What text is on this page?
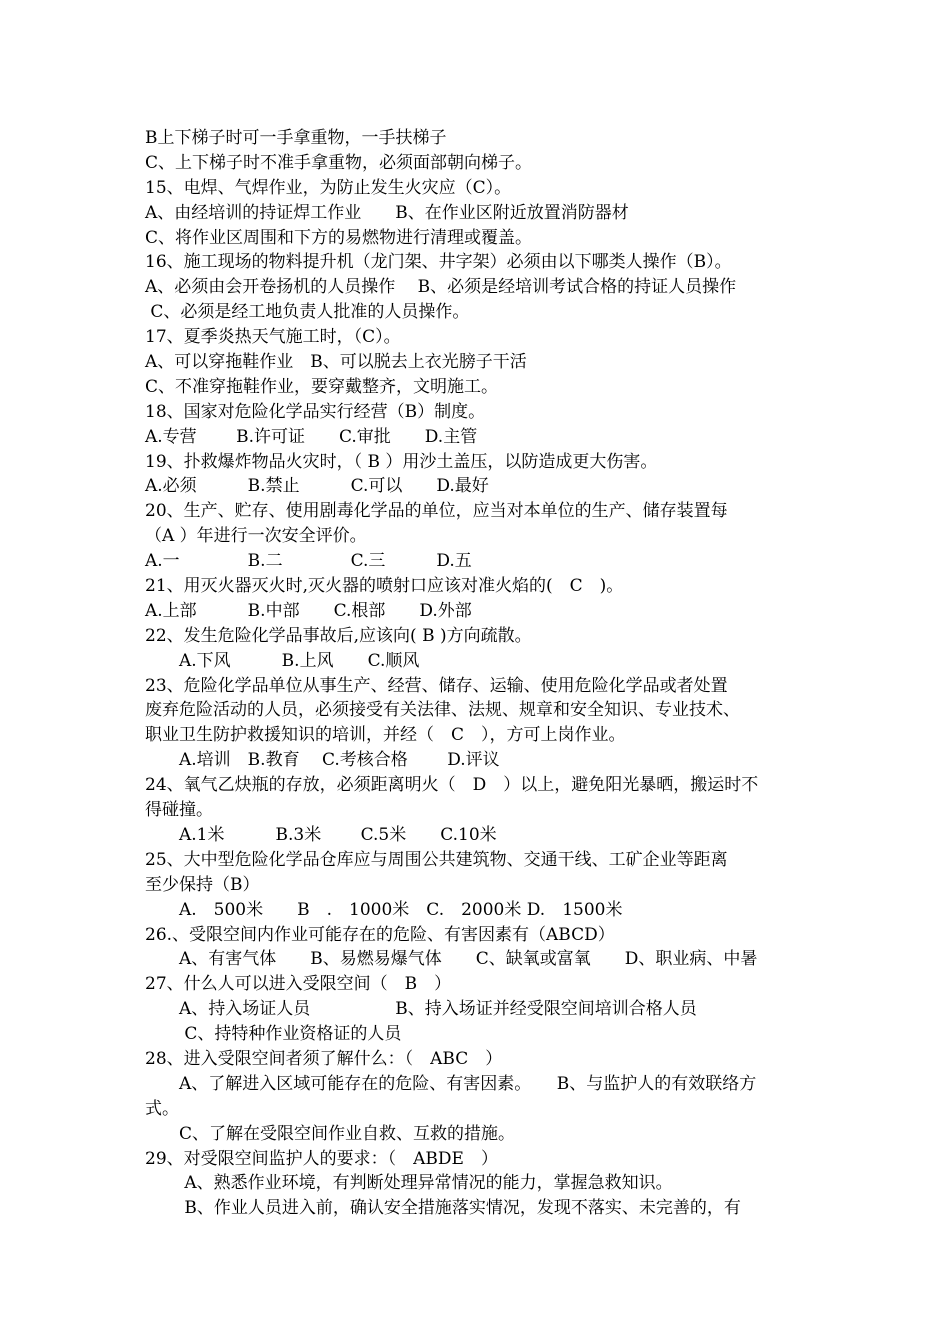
B上下梯子时可一手拿重物，一手扶梯子
C、上下梯子时不准手拿重物，必须面部朝向梯子。
15、电焊、气焊作业，为防止发生火灾应（C）。
A、由经培训的持证焊工作业　　B、在作业区附近放置消防器材
C、将作业区周围和下方的易燃物进行清理或覆盖。
16、施工现场的物料提升机（龙门架、井字架）必须由以下哪类人操作（B）。
A、必须由会开卷扬机的人员操作　 B、必须是经培训考试合格的持证人员操作
C、必须是经工地负责人批准的人员操作。
17、夏季炎热天气施工时，（C）。
A、可以穿拖鞋作业　B、可以脱去上衣光膀子干活
C、不准穿拖鞋作业，要穿戴整齐，文明施工。
18、国家对危险化学品实行经营（B）制度。
A.专营　　 B.许可证　　C.审批　　D.主管
19、扑救爆炸物品火灾时，（ B ）用沙土盖压，以防造成更大伤害。
A.必须　　　B.禁止　　　C.可以　　D.最好
20、生产、贮存、使用剧毒化学品的单位，应当对本单位的生产、储存装置每
（A ）年进行一次安全评价。
A.一　　　　B.二　　　　C.三　　　D.五
21、用灭火器灭火时,灭火器的喷射口应该对准火焰的(　C　)。
A.上部　　　B.中部　　C.根部　　D.外部
22、发生危险化学品事故后,应该向( B )方向疏散。
　　A.下风　　　B.上风　　C.顺风
23、危险化学品单位从事生产、经营、储存、运输、使用危险化学品或者处置
废弃危险活动的人员，必须接受有关法律、法规、规章和安全知识、专业技术、
职业卫生防护救援知识的培训，并经（　C　），方可上岗作业。
　　A.培训　B.教育　 C.考核合格　　 D.评议
24、氧气乙炔瓶的存放，必须距离明火（　D　）以上，避免阳光暴晒，搬运时不
得碰撞。
　　A.1米　　　B.3米　　 C.5米　　C.10米
25、大中型危险化学品仓库应与周围公共建筑物、交通干线、工矿企业等距离
至少保持（B）
　　A.　500米　　B　.　1000米　C.　2000米 D.　1500米
26.、受限空间内作业可能存在的危险、有害因素有（ABCD）
　　A、有害气体　　B、易燃易爆气体　　C、缺氧或富氧　　D、职业病、中暑
27、什么人可以进入受限空间（　B　）
　　A、持入场证人员　　　　　B、持入场证并经受限空间培训合格人员
　　 C、持特种作业资格证的人员
28、进入受限空间者须了解什么：（　ABC　）
　　A、了解进入区域可能存在的危险、有害因素。　　B、与监护人的有效联络方
式。
　　C、了解在受限空间作业自救、互救的措施。
29、对受限空间监护人的要求：（　ABDE　）
　　 A、熟悉作业环境，有判断处理异常情况的能力，掌握急救知识。
　　 B、作业人员进入前，确认安全措施落实情况，发现不落实、未完善的，有
